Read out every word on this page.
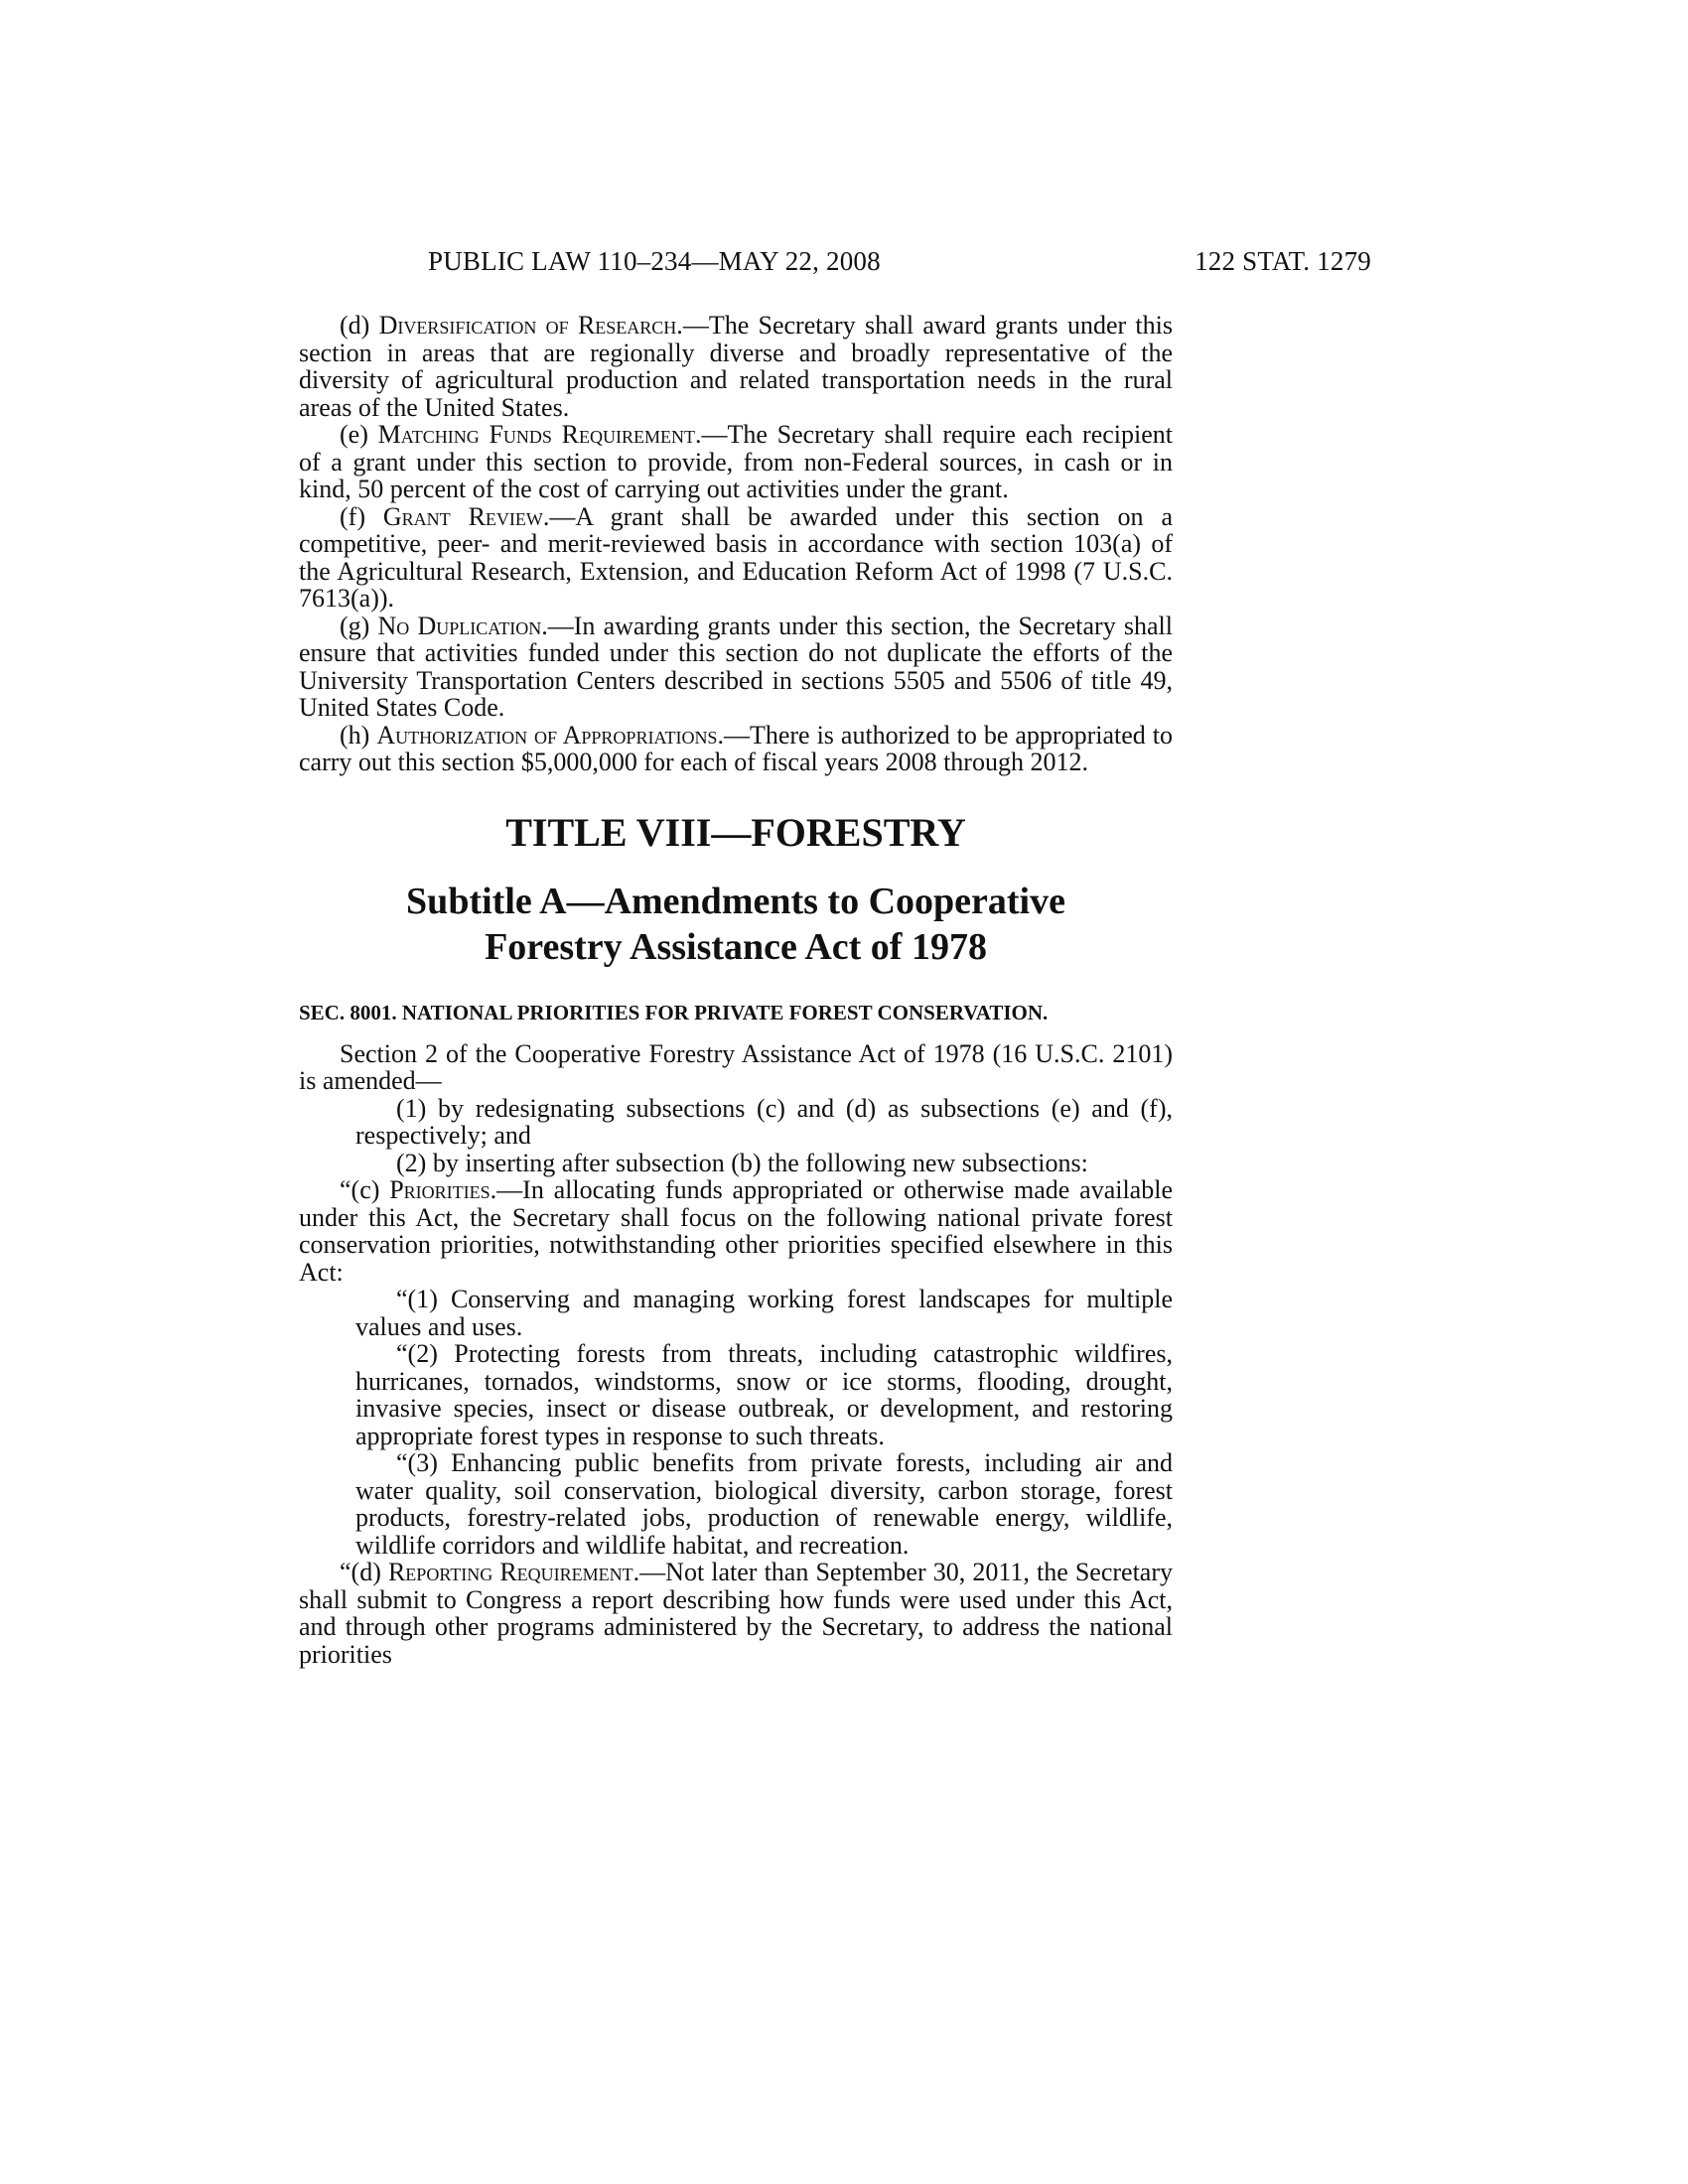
PUBLIC LAW 110–234—MAY 22, 2008	122 STAT. 1279

(d) Diversification of Research.—The Secretary shall award grants under this section in areas that are regionally diverse and broadly representative of the diversity of agricultural production and related transportation needs in the rural areas of the United States.

(e) Matching Funds Requirement.—The Secretary shall require each recipient of a grant under this section to provide, from non-Federal sources, in cash or in kind, 50 percent of the cost of carrying out activities under the grant.

(f) Grant Review.—A grant shall be awarded under this section on a competitive, peer- and merit-reviewed basis in accordance with section 103(a) of the Agricultural Research, Extension, and Education Reform Act of 1998 (7 U.S.C. 7613(a)).

(g) No Duplication.—In awarding grants under this section, the Secretary shall ensure that activities funded under this section do not duplicate the efforts of the University Transportation Centers described in sections 5505 and 5506 of title 49, United States Code.

(h) Authorization of Appropriations.—There is authorized to be appropriated to carry out this section $5,000,000 for each of fiscal years 2008 through 2012.

TITLE VIII—FORESTRY
Subtitle A—Amendments to Cooperative
Forestry Assistance Act of 1978
SEC. 8001. NATIONAL PRIORITIES FOR PRIVATE FOREST CONSERVATION.

Section 2 of the Cooperative Forestry Assistance Act of 1978 (16 U.S.C. 2101) is amended—

(1) by redesignating subsections (c) and (d) as subsections (e) and (f), respectively; and

(2) by inserting after subsection (b) the following new subsections:

“(c) Priorities.—In allocating funds appropriated or otherwise made available under this Act, the Secretary shall focus on the following national private forest conservation priorities, notwithstanding other priorities specified elsewhere in this Act:

“(1) Conserving and managing working forest landscapes for multiple values and uses.

“(2) Protecting forests from threats, including catastrophic wildfires, hurricanes, tornados, windstorms, snow or ice storms, flooding, drought, invasive species, insect or disease outbreak, or development, and restoring appropriate forest types in response to such threats.

“(3) Enhancing public benefits from private forests, including air and water quality, soil conservation, biological diversity, carbon storage, forest products, forestry-related jobs, production of renewable energy, wildlife, wildlife corridors and wildlife habitat, and recreation.

“(d) Reporting Requirement.—Not later than September 30, 2011, the Secretary shall submit to Congress a report describing how funds were used under this Act, and through other programs administered by the Secretary, to address the national priorities
